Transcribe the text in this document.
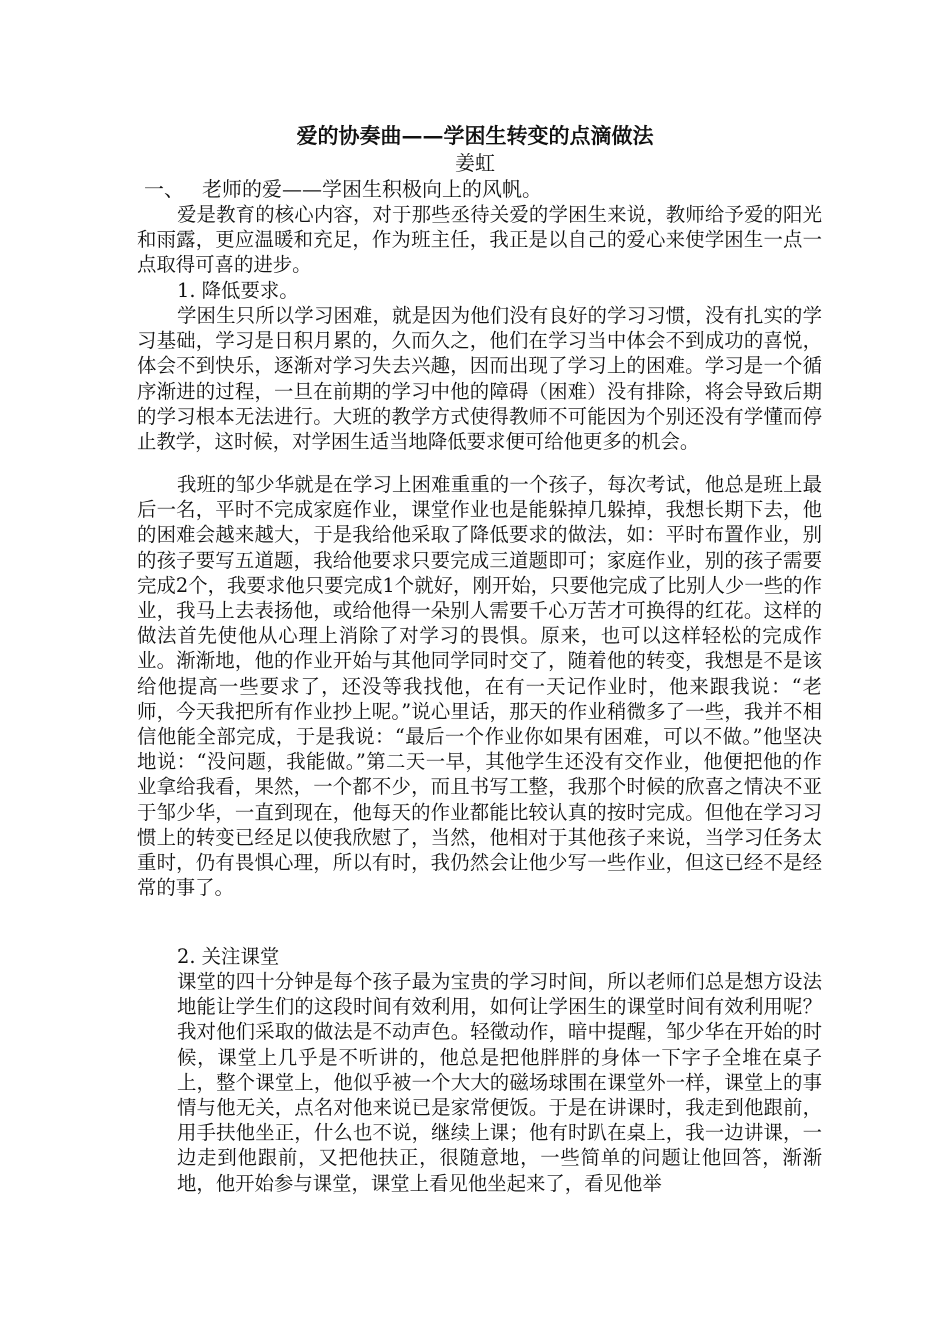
爱的协奏曲——学困生转变的点滴做法
姜虹
一、 老师的爱——学困生积极向上的风帆。
爱是教育的核心内容，对于那些丞待关爱的学困生来说，教师给予爱的阳光和雨露，更应温暖和充足，作为班主任，我正是以自己的爱心来使学困生一点一点取得可喜的进步。
1. 降低要求。
学困生只所以学习困难，就是因为他们没有良好的学习习惯，没有扎实的学习基础，学习是日积月累的，久而久之，他们在学习当中体会不到成功的喜悦，体会不到快乐，逐渐对学习失去兴趣，因而出现了学习上的困难。学习是一个循序渐进的过程，一旦在前期的学习中他的障碍（困难）没有排除，将会导致后期的学习根本无法进行。大班的教学方式使得教师不可能因为个别还没有学懂而停止教学，这时候，对学困生适当地降低要求便可给他更多的机会。
我班的邹少华就是在学习上困难重重的一个孩子，每次考试，他总是班上最后一名，平时不完成家庭作业，课堂作业也是能躲掉几躲掉，我想长期下去，他的困难会越来越大，于是我给他采取了降低要求的做法，如：平时布置作业，别的孩子要写五道题，我给他要求只要完成三道题即可；家庭作业，别的孩子需要完成2个，我要求他只要完成1个就好，刚开始，只要他完成了比别人少一些的作业，我马上去表扬他，或给他得一朵别人需要千心万苦才可换得的红花。这样的做法首先使他从心理上消除了对学习的畏惧。原来，也可以这样轻松的完成作业。渐渐地，他的作业开始与其他同学同时交了，随着他的转变，我想是不是该给他提高一些要求了，还没等我找他，在有一天记作业时，他来跟我说：“老师，今天我把所有作业抄上呢。”说心里话，那天的作业稍微多了一些，我并不相信他能全部完成，于是我说：“最后一个作业你如果有困难，可以不做。”他坚决地说：“没问题，我能做。”第二天一早，其他学生还没有交作业，他便把他的作业拿给我看，果然，一个都不少，而且书写工整，我那个时候的欣喜之情决不亚于邹少华，一直到现在，他每天的作业都能比较认真的按时完成。但他在学习习惯上的转变已经足以使我欣慰了，当然，他相对于其他孩子来说，当学习任务太重时，仍有畏惧心理，所以有时，我仍然会让他少写一些作业，但这已经不是经常的事了。
2. 关注课堂
课堂的四十分钟是每个孩子最为宝贵的学习时间，所以老师们总是想方设法地能让学生们的这段时间有效利用，如何让学困生的课堂时间有效利用呢？我对他们采取的做法是不动声色。轻徵动作，暗中提醒，邹少华在开始的时候，课堂上几乎是不听讲的，他总是把他胖胖的身体一下字子全堆在桌子上，整个课堂上，他似乎被一个大大的磁场球围在课堂外一样，课堂上的事情与他无关，点名对他来说已是家常便饭。于是在讲课时，我走到他跟前，用手扶他坐正，什么也不说，继续上课；他有时趴在桌上，我一边讲课，一边走到他跟前，又把他扶正，很随意地，一些简单的问题让他回答，渐渐地，他开始参与课堂，课堂上看见他坐起来了，看见他举
